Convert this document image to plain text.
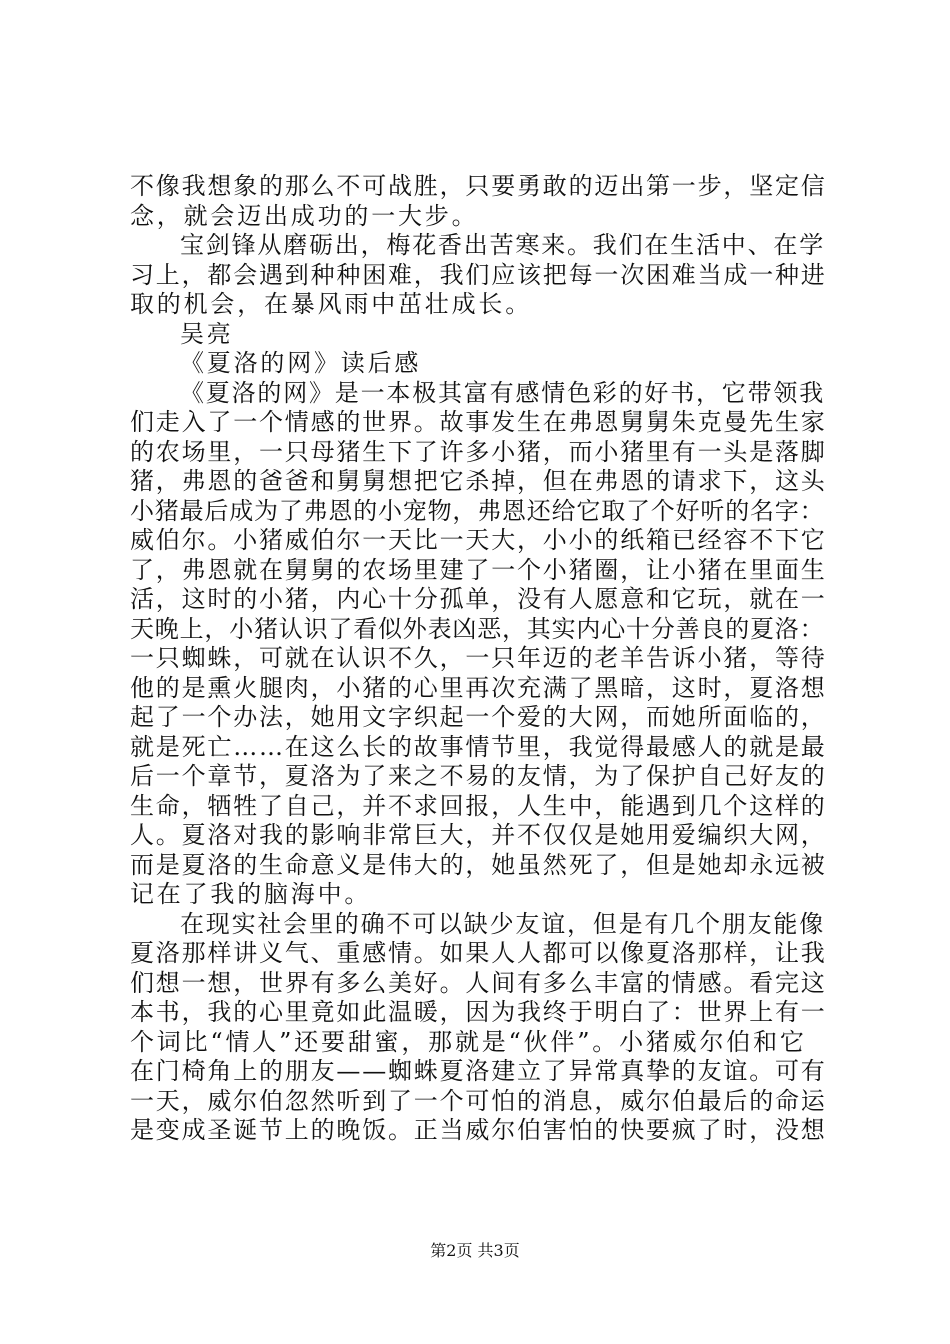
不像我想象的那么不可战胜，只要勇敢的迈出第一步，坚定信
念，就会迈出成功的一大步。
宝剑锋从磨砺出，梅花香出苦寒来。我们在生活中、在学
习上，都会遇到种种困难，我们应该把每一次困难当成一种进
取的机会，在暴风雨中茁壮成长。
吴亮
《夏洛的网》读后感
《夏洛的网》是一本极其富有感情色彩的好书，它带领我
们走入了一个情感的世界。故事发生在弗恩舅舅朱克曼先生家
的农场里，一只母猪生下了许多小猪，而小猪里有一头是落脚
猪，弗恩的爸爸和舅舅想把它杀掉，但在弗恩的请求下，这头
小猪最后成为了弗恩的小宠物，弗恩还给它取了个好听的名字：
威伯尔。小猪威伯尔一天比一天大，小小的纸箱已经容不下它
了，弗恩就在舅舅的农场里建了一个小猪圈，让小猪在里面生
活，这时的小猪，内心十分孤单，没有人愿意和它玩，就在一
天晚上，小猪认识了看似外表凶恶，其实内心十分善良的夏洛：
一只蜘蛛，可就在认识不久，一只年迈的老羊告诉小猪，等待
他的是熏火腿肉，小猪的心里再次充满了黑暗，这时，夏洛想
起了一个办法，她用文字织起一个爱的大网，而她所面临的，
就是死亡……在这么长的故事情节里，我觉得最感人的就是最
后一个章节，夏洛为了来之不易的友情，为了保护自己好友的
生命，牺牲了自己，并不求回报，人生中，能遇到几个这样的
人。夏洛对我的影响非常巨大，并不仅仅是她用爱编织大网，
而是夏洛的生命意义是伟大的，她虽然死了，但是她却永远被
记在了我的脑海中。
在现实社会里的确不可以缺少友谊，但是有几个朋友能像
夏洛那样讲义气、重感情。如果人人都可以像夏洛那样，让我
们想一想，世界有多么美好。人间有多么丰富的情感。看完这
本书，我的心里竟如此温暖，因为我终于明白了：世界上有一
个词比“情人”还要甜蜜，那就是“伙伴”。小猪威尔伯和它
在门椅角上的朋友——蜘蛛夏洛建立了异常真挚的友谊。可有
一天，威尔伯忽然听到了一个可怕的消息，威尔伯最后的命运
是变成圣诞节上的晚饭。正当威尔伯害怕的快要疯了时，没想
第2页 共3页
